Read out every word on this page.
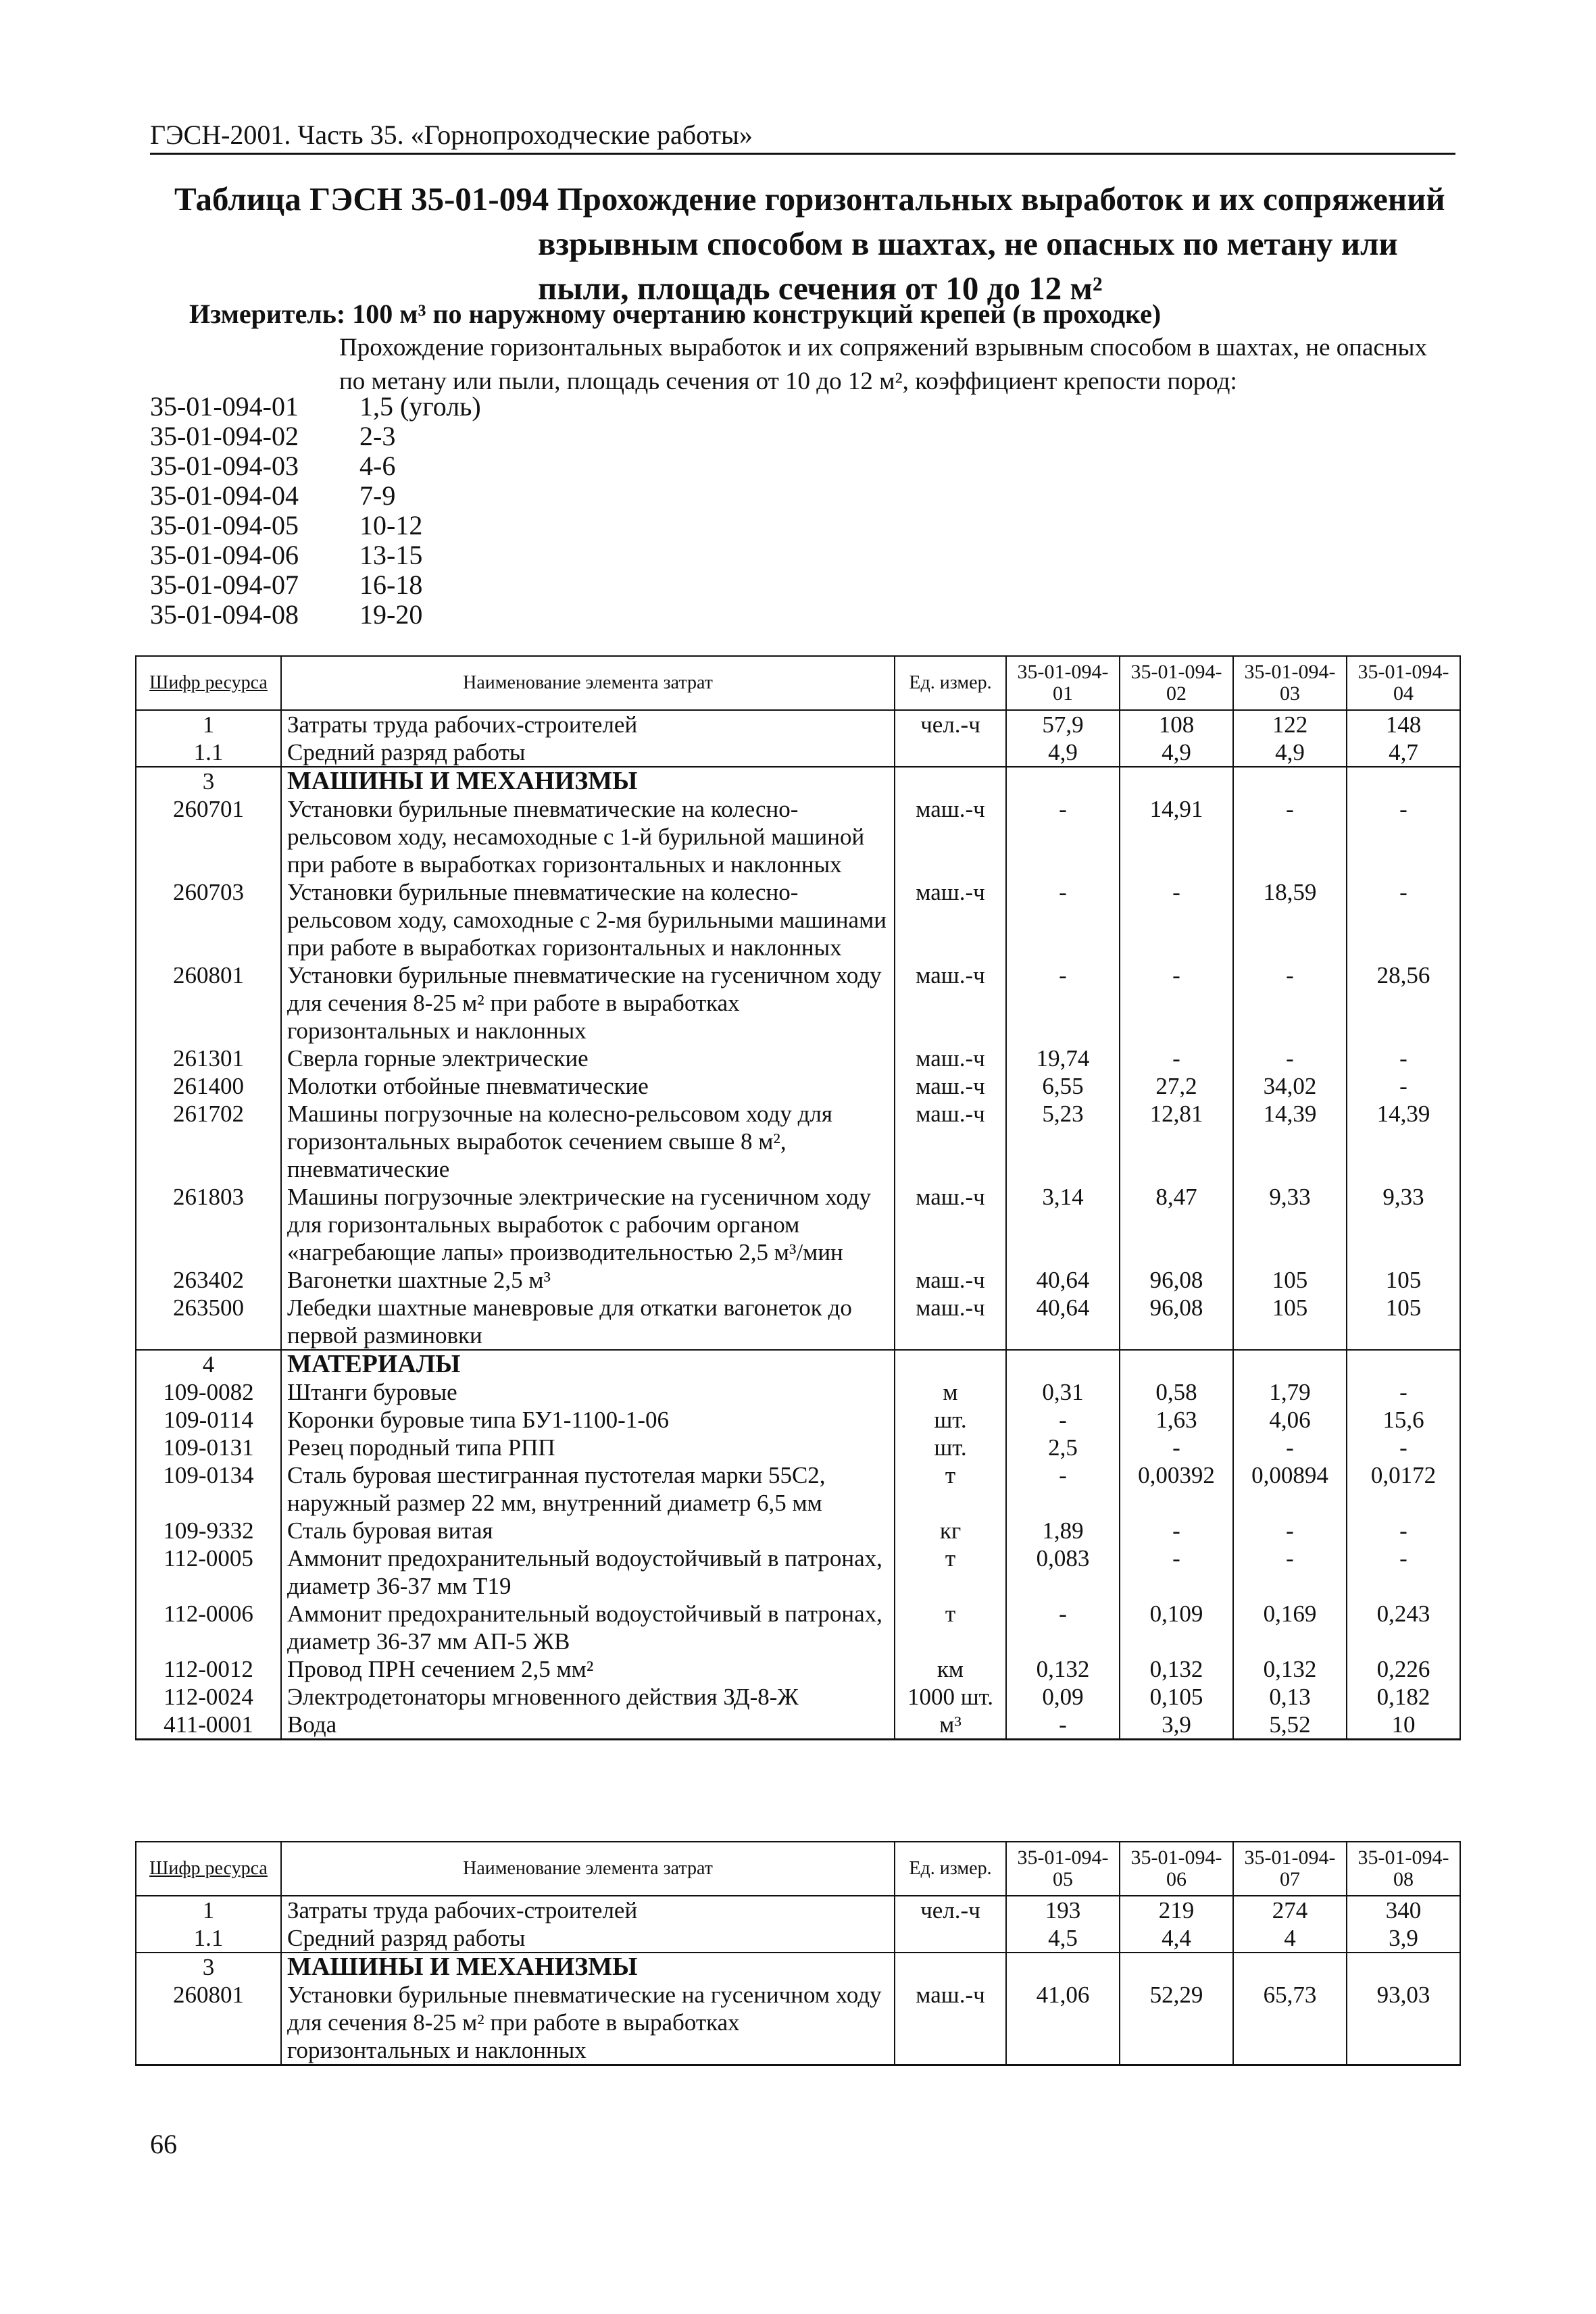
ГЭСН-2001. Часть 35. «Горнопроходческие работы»
Таблица ГЭСН 35-01-094 Прохождение горизонтальных выработок и их сопряжений
взрывным способом в шахтах, не опасных по метану или
пыли, площадь сечения от 10 до 12 м²
Измеритель: 100 м³ по наружному очертанию конструкций крепей (в проходке)
Прохождение горизонтальных выработок и их сопряжений взрывным способом в шахтах, не опасных по метану или пыли, площадь сечения от 10 до 12 м², коэффициент крепости пород:
35-01-094-01 1,5 (уголь)
35-01-094-02 2-3
35-01-094-03 4-6
35-01-094-04 7-9
35-01-094-05 10-12
35-01-094-06 13-15
35-01-094-07 16-18
35-01-094-08 19-20
Шифр ресурса	Наименование элемента затрат	Ед. измер.	35-01-094-01	35-01-094-02	35-01-094-03	35-01-094-04
1	Затраты труда рабочих-строителей	чел.-ч	57,9	108	122	148
1.1	Средний разряд работы		4,9	4,9	4,9	4,7
3	МАШИНЫ И МЕХАНИЗМЫ					
260701	Установки бурильные пневматические на колесно-рельсовом ходу, несамоходные с 1-й бурильной машиной при работе в выработках горизонтальных и наклонных	маш.-ч	-	14,91	-	-
260703	Установки бурильные пневматические на колесно-рельсовом ходу, самоходные с 2-мя бурильными машинами при работе в выработках горизонтальных и наклонных	маш.-ч	-	-	18,59	-
260801	Установки бурильные пневматические на гусеничном ходу для сечения 8-25 м² при работе в выработках горизонтальных и наклонных	маш.-ч	-	-	-	28,56
261301	Сверла горные электрические	маш.-ч	19,74	-	-	-
261400	Молотки отбойные пневматические	маш.-ч	6,55	27,2	34,02	-
261702	Машины погрузочные на колесно-рельсовом ходу для горизонтальных выработок сечением свыше 8 м², пневматические	маш.-ч	5,23	12,81	14,39	14,39
261803	Машины погрузочные электрические на гусеничном ходу для горизонтальных выработок с рабочим органом «нагребающие лапы» производительностью 2,5 м³/мин	маш.-ч	3,14	8,47	9,33	9,33
263402	Вагонетки шахтные 2,5 м³	маш.-ч	40,64	96,08	105	105
263500	Лебедки шахтные маневровые для откатки вагонеток до первой разминовки	маш.-ч	40,64	96,08	105	105
4	МАТЕРИАЛЫ					
109-0082	Штанги буровые	м	0,31	0,58	1,79	-
109-0114	Коронки буровые типа БУ1-1100-1-06	шт.	-	1,63	4,06	15,6
109-0131	Резец породный типа РПП	шт.	2,5	-	-	-
109-0134	Сталь буровая шестигранная пустотелая марки 55С2, наружный размер 22 мм, внутренний диаметр 6,5 мм	т	-	0,00392	0,00894	0,0172
109-9332	Сталь буровая витая	кг	1,89	-	-	-
112-0005	Аммонит предохранительный водоустойчивый в патронах, диаметр 36-37 мм Т19	т	0,083	-	-	-
112-0006	Аммонит предохранительный водоустойчивый в патронах, диаметр 36-37 мм АП-5 ЖВ	т	-	0,109	0,169	0,243
112-0012	Провод ПРН сечением 2,5 мм²	км	0,132	0,132	0,132	0,226
112-0024	Электродетонаторы мгновенного действия ЗД-8-Ж	1000 шт.	0,09	0,105	0,13	0,182
411-0001	Вода	м³	-	3,9	5,52	10
Шифр ресурса	Наименование элемента затрат	Ед. измер.	35-01-094-05	35-01-094-06	35-01-094-07	35-01-094-08
1	Затраты труда рабочих-строителей	чел.-ч	193	219	274	340
1.1	Средний разряд работы		4,5	4,4	4	3,9
3	МАШИНЫ И МЕХАНИЗМЫ					
260801	Установки бурильные пневматические на гусеничном ходу для сечения 8-25 м² при работе в выработках горизонтальных и наклонных	маш.-ч	41,06	52,29	65,73	93,03
66
